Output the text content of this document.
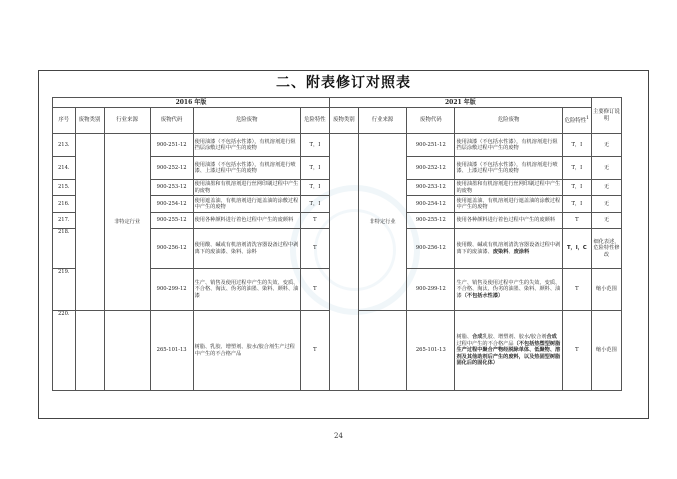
二、附表修订对照表
2016 年版						2021 年版					主要修订说明
序号	废物类别	行业来源	废物代码	危险废物	危险特性	废物类别	行业来源	废物代码	危险废物	危险特性$^1$
213.		非特定行业	900-251-12	使用油漆（不包括水性漆），有机溶剂进行阻挡层涂敷过程中产生的废物	T，I		非特定行业	900-251-12	使用油漆（不包括水性漆），有机溶剂进行阻挡层涂敷过程中产生的废物	T，I	无
214.			900-252-12	使用油漆（不包括水性漆），有机溶剂进行喷漆、上漆过程中产生的废物	T，I			900-252-12	使用油漆（不包括水性漆），有机溶剂进行喷漆、上漆过程中产生的废物	T，I	无
215.			900-253-12	使用油墨和有机溶剂进行丝网印刷过程中产生的废物	T，I			900-253-12	使用油墨和有机溶剂进行丝网印刷过程中产生的废物	T，I	无
216.			900-254-12	使用遮盖油、有机溶剂进行遮盖油的涂敷过程中产生的废物	T，I			900-254-12	使用遮盖油、有机溶剂进行遮盖油的涂敷过程中产生的废物	T，I	无
217.			900-255-12	使用各种颜料进行着色过程中产生的废颜料	T			900-255-12	使用各种颜料进行着色过程中产生的废颜料	T	无
218.			900-256-12	使用酸、碱或有机溶剂清洗容器设备过程中剥离下的废油漆、染料、涂料	T			900-256-12	使用酸、碱或有机溶剂清洗容器设备过程中剥离下的废油漆、废染料、废涂料	T，I，C	细化表述，危险特性修改
219.			900-299-12	生产、销售及使用过程中产生的失效、变质、不合格、淘汰、伪劣的油墨、染料、颜料、油漆	T			900-299-12	生产、销售及使用过程中产生的失效、变质、不合格、淘汰、伪劣的油墨、染料、颜料、油漆（不包括水性漆）	T	缩小范围
220.			265-101-13	树脂、乳胶、增塑剂、胶水/胶合剂生产过程中产生的不合格产品	T			265-101-13	树脂、合成乳胶、增塑剂、胶水/胶合剂合成过程中产生的不合格产品（不包括热塑型树脂生产过程中聚合产物经脱除单体、低聚物、溶剂及其他助剂后产生的废料，以及热固型树脂固化后的固化体）	T	缩小范围
24
